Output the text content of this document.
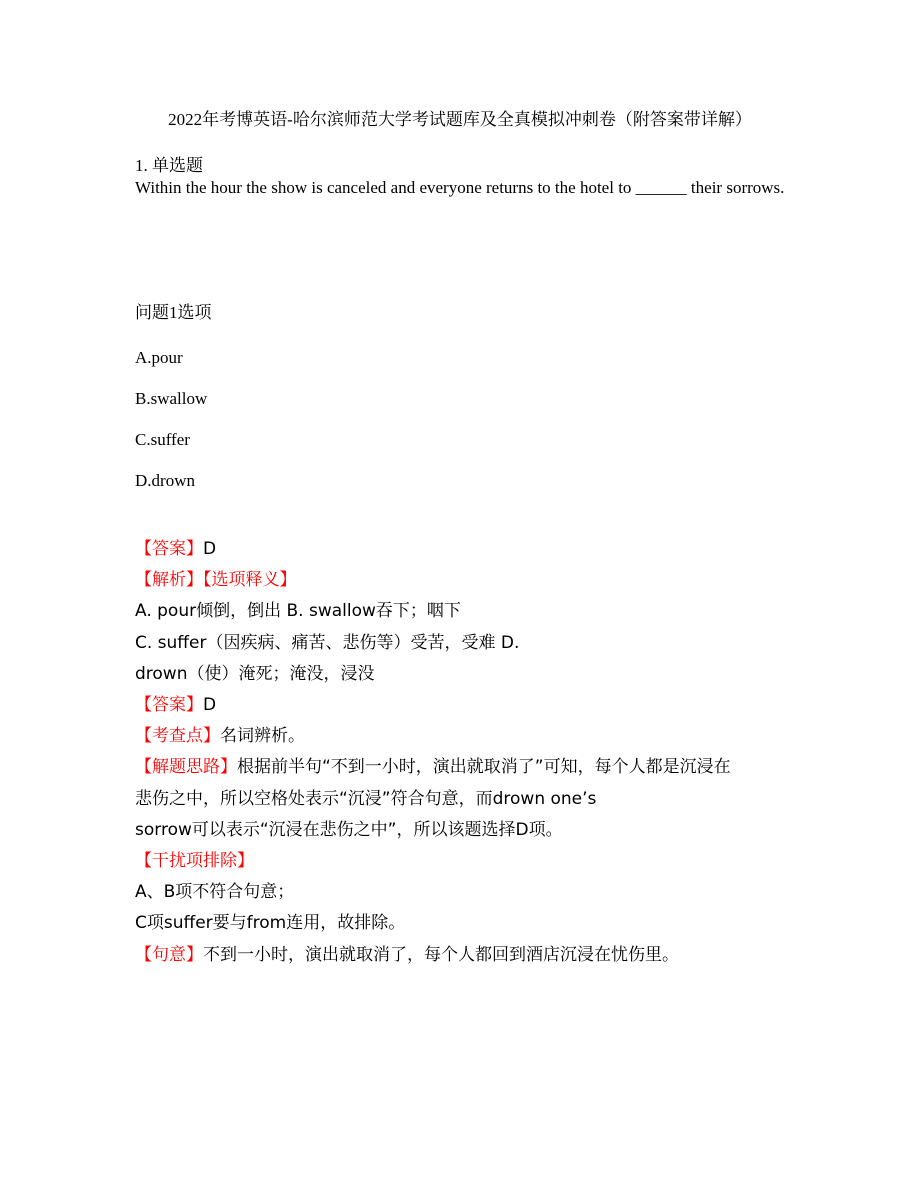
2022年考博英语-哈尔滨师范大学考试题库及全真模拟冲刺卷（附答案带详解）
1. 单选题

Within the hour the show is canceled and everyone returns to the hotel to ______ their sorrows.

问题1选项
A.pour
B.swallow
C.suffer
D.drown
【答案】D
【解析】【选项释义】
A. pour倾倒，倒出 B. swallow吞下；咽下
C. suffer（因疾病、痛苦、悲伤等）受苦，受难 D.
drown（使）淹死；淹没，浸没
【答案】D
【考查点】名词辨析。
【解题思路】根据前半句“不到一小时，演出就取消了”可知，每个人都是沉浸在
悲伤之中，所以空格处表示“沉浸”符合句意，而drown one’s
sorrow可以表示“沉浸在悲伤之中”，所以该题选择D项。
【干扰项排除】
A、B项不符合句意；
C项suffer要与from连用，故排除。
【句意】不到一小时，演出就取消了，每个人都回到酒店沉浸在忧伤里。
